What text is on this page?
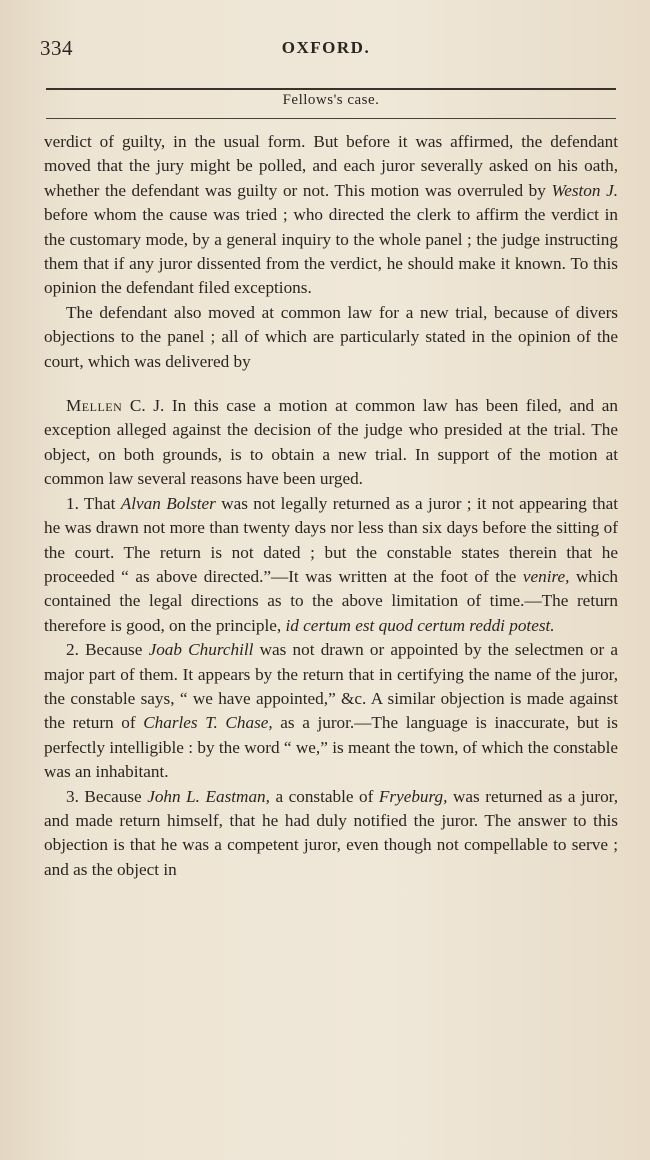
334	OXFORD.
Fellows's case.

verdict of guilty, in the usual form. But before it was affirmed, the defendant moved that the jury might be polled, and each juror severally asked on his oath, whether the defendant was guilty or not. This motion was overruled by Weston J. before whom the cause was tried ; who directed the clerk to affirm the verdict in the customary mode, by a general inquiry to the whole panel ; the judge instructing them that if any juror dissented from the verdict, he should make it known. To this opinion the defendant filed exceptions.

The defendant also moved at common law for a new trial, because of divers objections to the panel ; all of which are particularly stated in the opinion of the court, which was delivered by

Mellen C. J. In this case a motion at common law has been filed, and an exception alleged against the decision of the judge who presided at the trial. The object, on both grounds, is to obtain a new trial. In support of the motion at common law several reasons have been urged.

1. That Alvan Bolster was not legally returned as a juror ; it not appearing that he was drawn not more than twenty days nor less than six days before the sitting of the court. The return is not dated ; but the constable states therein that he proceeded “ as above directed.”—It was written at the foot of the venire, which contained the legal directions as to the above limitation of time.—The return therefore is good, on the principle, id certum est quod certum reddi potest.

2. Because Joab Churchill was not drawn or appointed by the selectmen or a major part of them. It appears by the return that in certifying the name of the juror, the constable says, “ we have appointed,” &c. A similar objection is made against the return of Charles T. Chase, as a juror.—The language is inaccurate, but is perfectly intelligible : by the word “ we,” is meant the town, of which the constable was an inhabitant.

3. Because John L. Eastman, a constable of Fryeburg, was returned as a juror, and made return himself, that he had duly notified the juror. The answer to this objection is that he was a competent juror, even though not compellable to serve ; and as the object in
